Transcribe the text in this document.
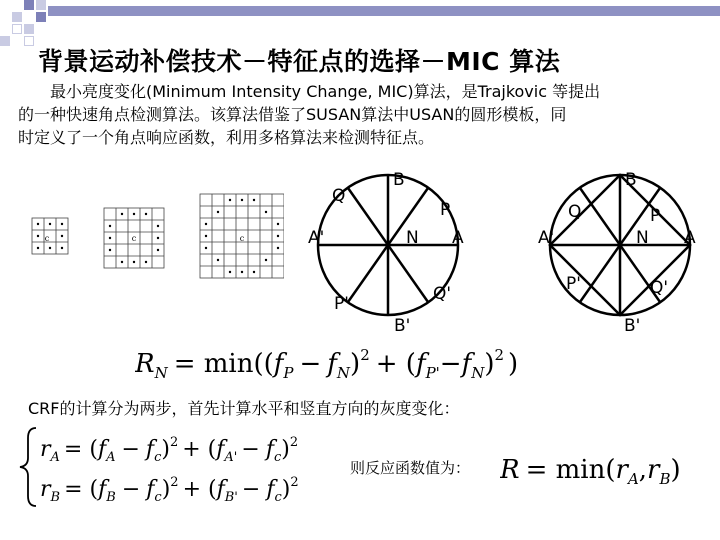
背景运动补偿技术－特征点的选择－MIC 算法
最小亮度变化(Minimum Intensity Change, MIC)算法，是Trajkovic 等提出
的一种快速角点检测算法。该算法借鉴了SUSAN算法中USAN的圆形模板，同
时定义了一个角点响应函数，利用多格算法来检测特征点。
c	c	c
B
Q
P
A'	N A
P'	Q'
B'
B
Q	P
A'	N A
P'	Q'
B'
$R_N = \min((f_P - f_N)^2 + (f_{P'}-f_N)^2$ )
CRF的计算分为两步，首先计算水平和竖直方向的灰度变化：
$r_A = (f_A - f_c)^2 + (f_{A'} - f_c)^2$
$r_B = (f_B - f_c)^2 + (f_{B'} - f_c)^2$
则反应函数值为： $R = \min(r_A,r_B)$
